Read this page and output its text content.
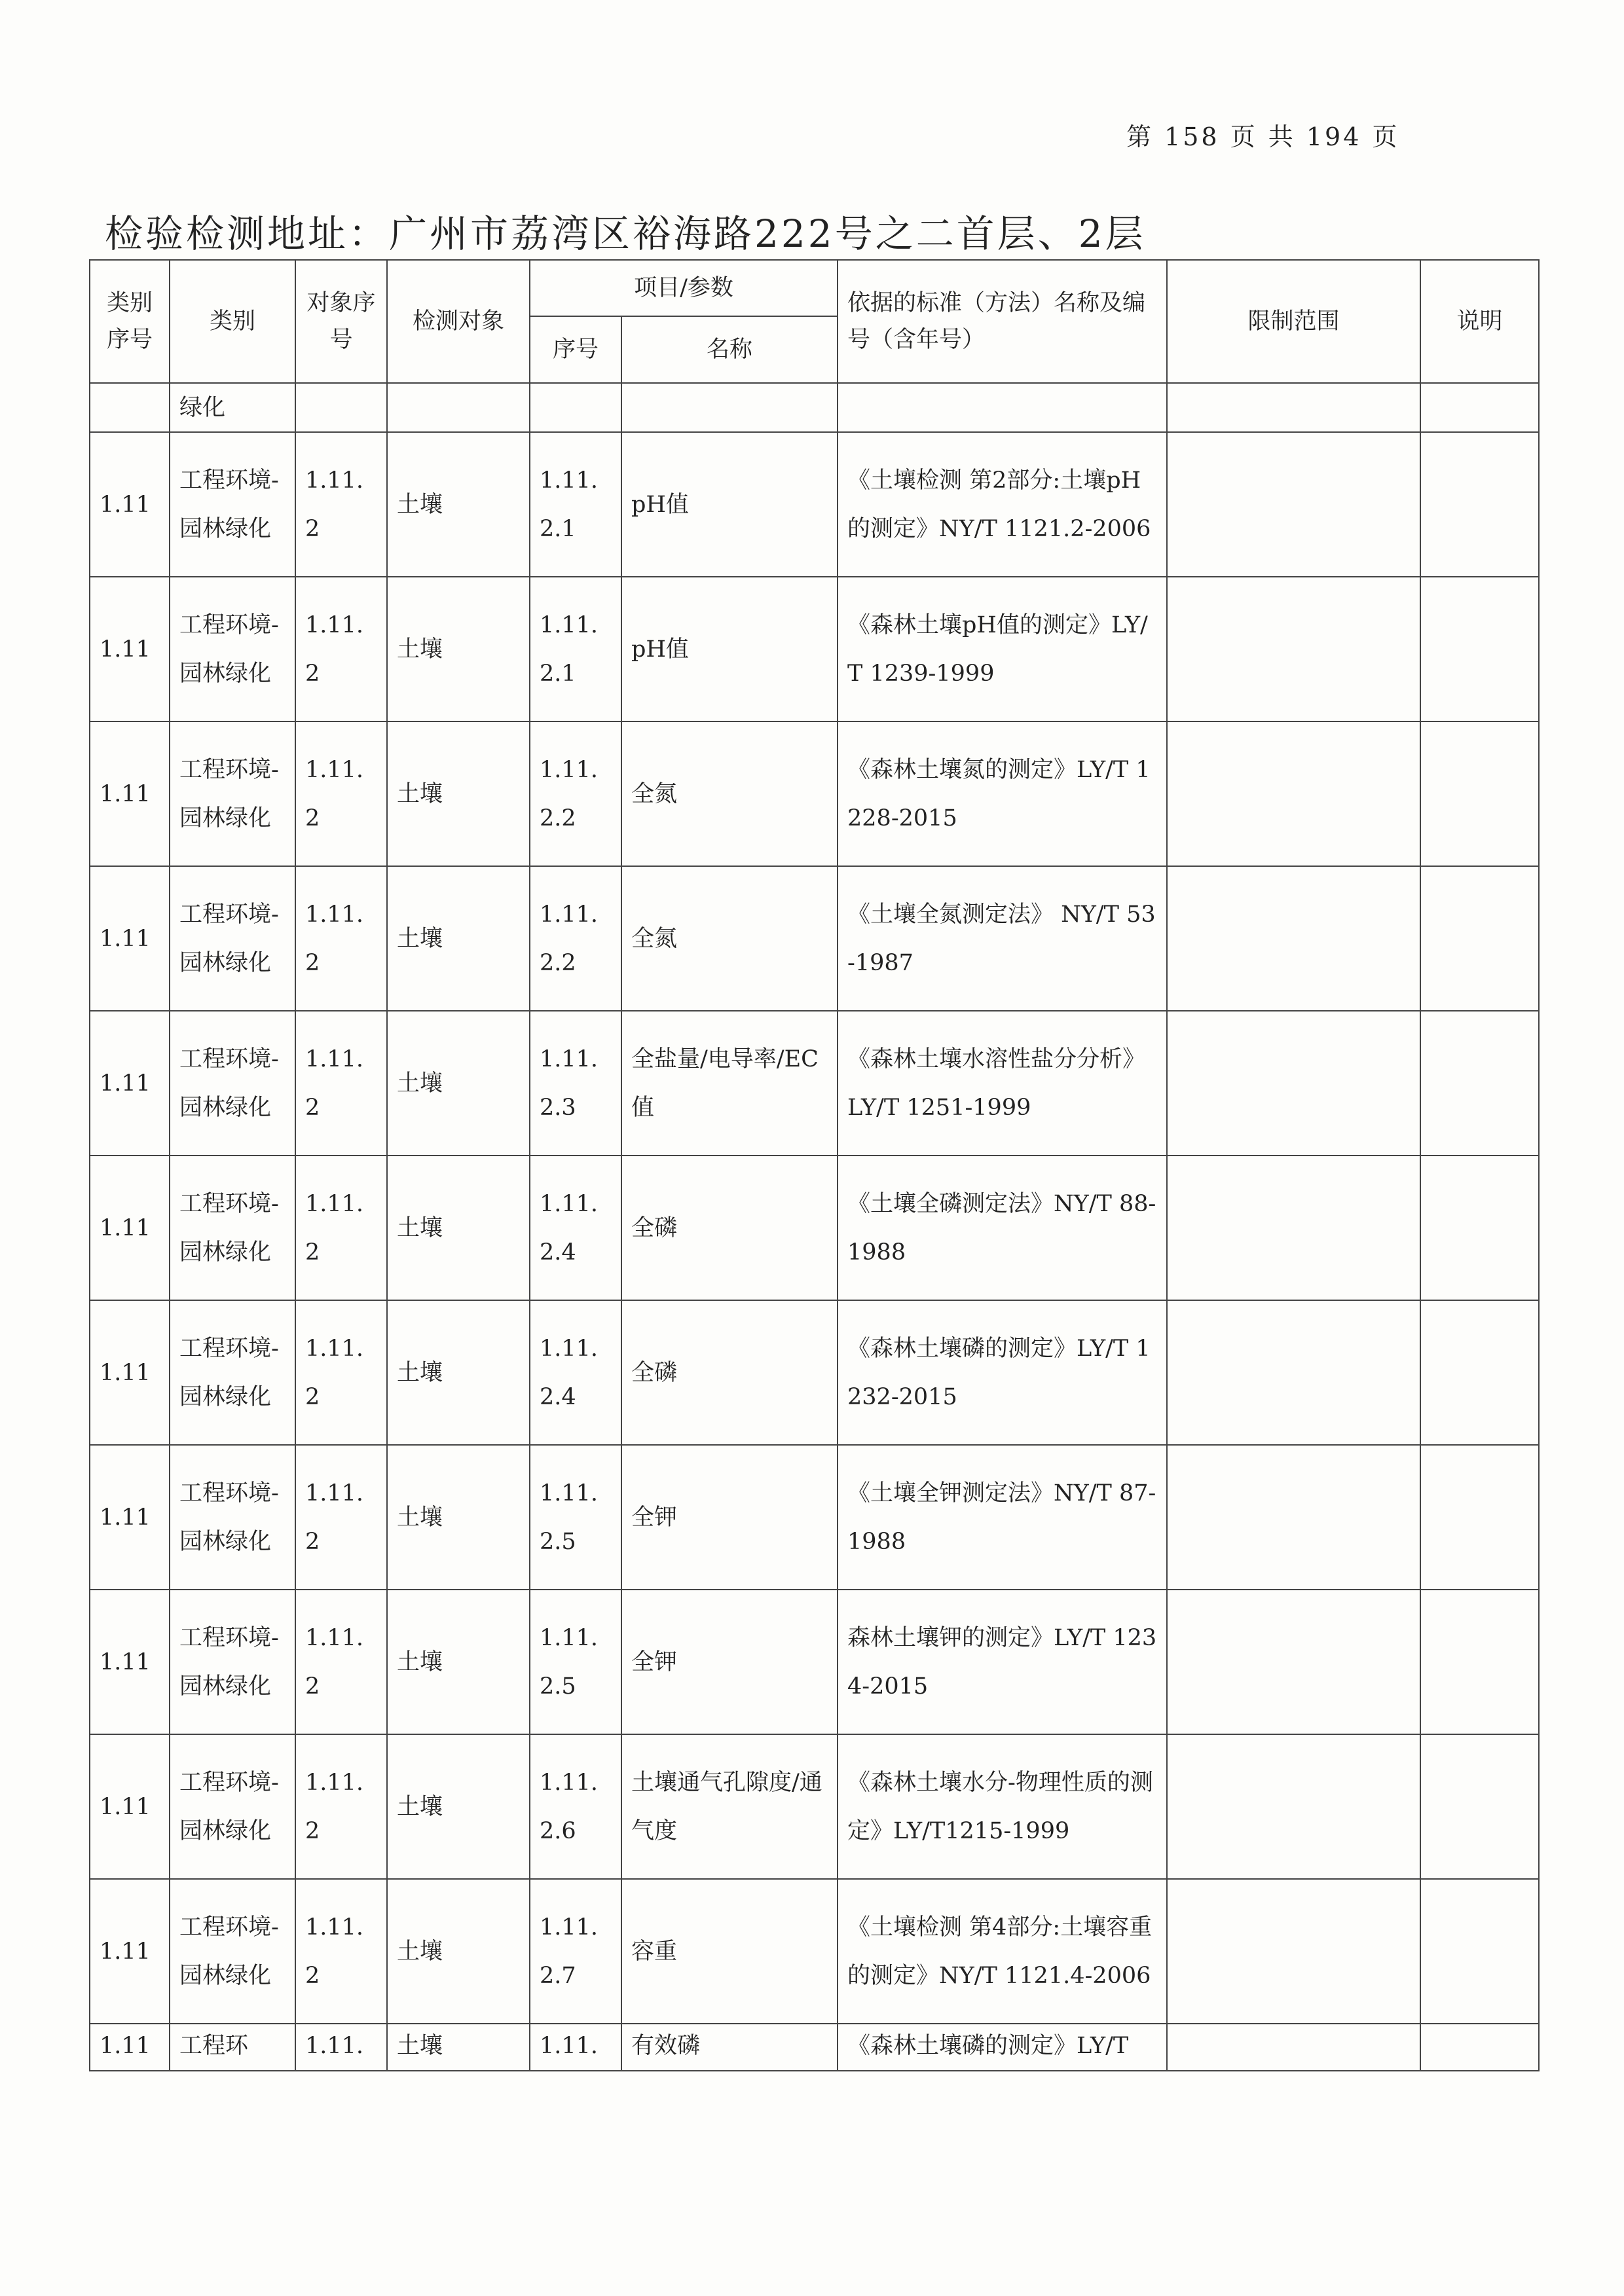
第 158 页 共 194 页
检验检测地址：广州市荔湾区裕海路222号之二首层、2层
类别序号	类别	对象序号	检测对象	项目/参数		依据的标准（方法）名称及编号（含年号）	限制范围	说明
				序号	名称			
	绿化							
1.11	工程环境-园林绿化	1.11.2	土壤	1.11.2.1	pH值	《土壤检测 第2部分:土壤pH的测定》NY/T 1121.2-2006		
1.11	工程环境-园林绿化	1.11.2	土壤	1.11.2.1	pH值	《森林土壤pH值的测定》LY/T 1239-1999		
1.11	工程环境-园林绿化	1.11.2	土壤	1.11.2.2	全氮	《森林土壤氮的测定》LY/T 1228-2015		
1.11	工程环境-园林绿化	1.11.2	土壤	1.11.2.2	全氮	《土壤全氮测定法》 NY/T 53-1987		
1.11	工程环境-园林绿化	1.11.2	土壤	1.11.2.3	全盐量/电导率/EC值	《森林土壤水溶性盐分分析》LY/T 1251-1999		
1.11	工程环境-园林绿化	1.11.2	土壤	1.11.2.4	全磷	《土壤全磷测定法》NY/T 88-1988		
1.11	工程环境-园林绿化	1.11.2	土壤	1.11.2.4	全磷	《森林土壤磷的测定》LY/T 1232-2015		
1.11	工程环境-园林绿化	1.11.2	土壤	1.11.2.5	全钾	《土壤全钾测定法》NY/T 87-1988		
1.11	工程环境-园林绿化	1.11.2	土壤	1.11.2.5	全钾	森林土壤钾的测定》LY/T 1234-2015		
1.11	工程环境-园林绿化	1.11.2	土壤	1.11.2.6	土壤通气孔隙度/通气度	《森林土壤水分-物理性质的测定》LY/T1215-1999		
1.11	工程环境-园林绿化	1.11.2	土壤	1.11.2.7	容重	《土壤检测 第4部分:土壤容重的测定》NY/T 1121.4-2006		
1.11	工程环	1.11.	土壤	1.11.	有效磷	《森林土壤磷的测定》LY/T		
